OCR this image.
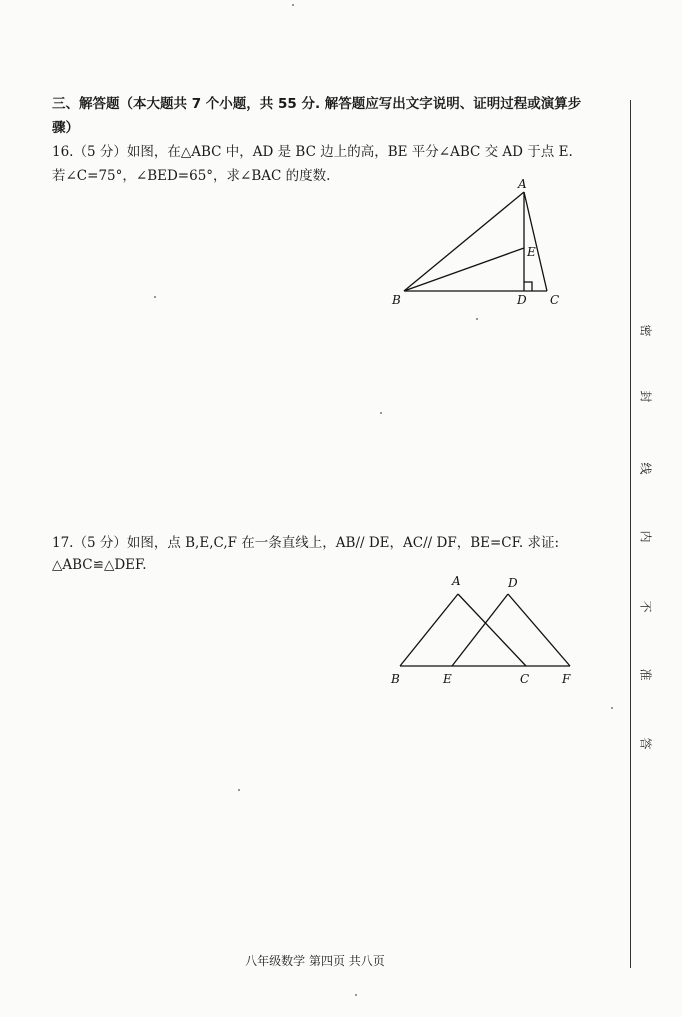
三、解答题（本大题共 7 个小题，共 55 分. 解答题应写出文字说明、证明过程或演算步骤）
16.（5 分）如图，在△ABC 中，AD 是 BC 边上的高，BE 平分∠ABC 交 AD 于点 E.
若∠C=75°，∠BED=65°，求∠BAC 的度数.	A
B	D C
E
17.（5 分）如图，点 B,E,C,F 在一条直线上，AB// DE，AC// DF，BE=CF. 求证:
△ABC≌△DEF.
A	D
B	E	C	F
密
封
线
内
不
准
答
八年级数学 第四页 共八页
